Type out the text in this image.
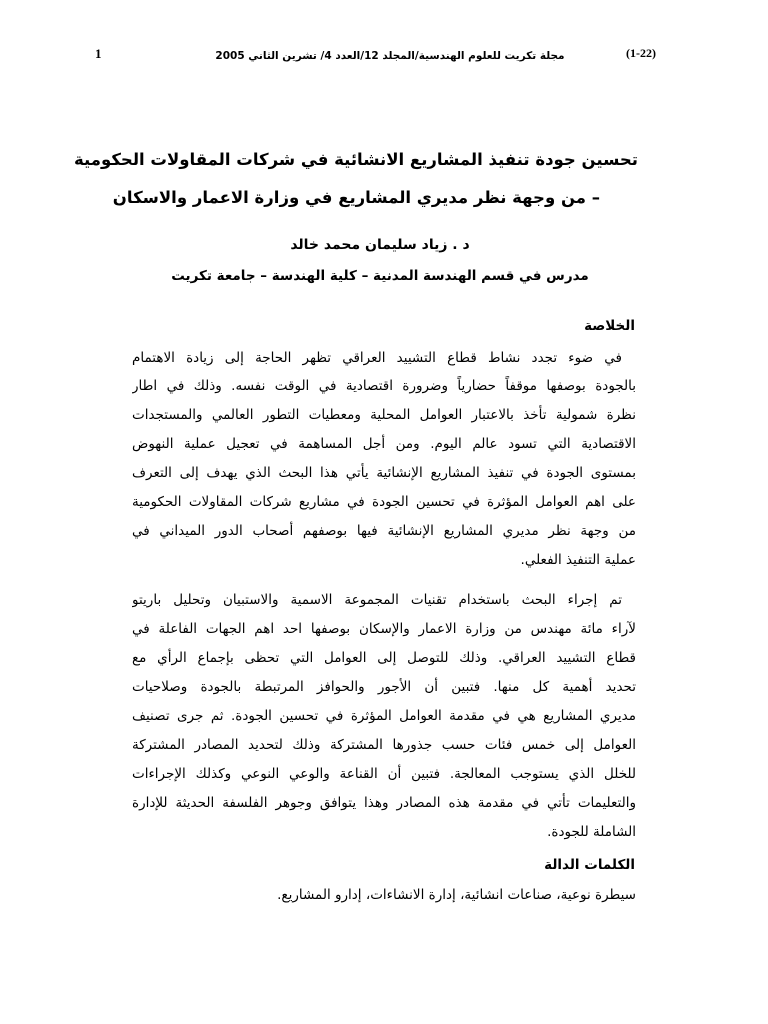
1	مجلة تكريت للعلوم الهندسية/المجلد 12/العدد 4/ تشرين الثاني 2005	(1-22)
تحسين جودة تنفيذ المشاريع الانشائية في شركات المقاولات الحكومية
– من وجهة نظر مديري المشاريع في وزارة الاعمار والاسكان
د . زياد سليمان محمد خالد
مدرس في قسم الهندسة المدنية – كلية الهندسة – جامعة تكريت
الخلاصة
في ضوء تجدد نشاط قطاع التشييد العراقي تظهر الحاجة إلى زيادة الاهتمام
بالجودة بوصفها موقفاً حضارياً وضرورة اقتصادية في الوقت نفسه. وذلك في اطار
نظرة شمولية تأخذ بالاعتبار العوامل المحلية ومعطيات التطور العالمي والمستجدات
الاقتصادية التي تسود عالم اليوم. ومن أجل المساهمة في تعجيل عملية النهوض
بمستوى الجودة في تنفيذ المشاريع الإنشائية يأتي هذا البحث الذي يهدف إلى التعرف
على اهم العوامل المؤثرة في تحسين الجودة في مشاريع شركات المقاولات الحكومية
من وجهة نظر مديري المشاريع الإنشائية فيها بوصفهم أصحاب الدور الميداني في
عملية التنفيذ الفعلي.
تم إجراء البحث باستخدام تقنيات المجموعة الاسمية والاستبيان وتحليل باريتو
لآراء مائة مهندس من وزارة الاعمار والإسكان بوصفها احد اهم الجهات الفاعلة في
قطاع التشييد العراقي. وذلك للتوصل إلى العوامل التي تحظى بإجماع الرأي مع
تحديد أهمية كل منها. فتبين أن الأجور والحوافز المرتبطة بالجودة وصلاحيات
مديري المشاريع هي في مقدمة العوامل المؤثرة في تحسين الجودة. ثم جرى تصنيف
العوامل إلى خمس فئات حسب جذورها المشتركة وذلك لتحديد المصادر المشتركة
للخلل الذي يستوجب المعالجة. فتبين أن القناعة والوعي النوعي وكذلك الإجراءات
والتعليمات تأتي في مقدمة هذه المصادر وهذا يتوافق وجوهر الفلسفة الحديثة للإدارة
الشاملة للجودة.
الكلمات الدالة
سيطرة نوعية، صناعات انشائية، إدارة الانشاءات، إدارو المشاريع.
